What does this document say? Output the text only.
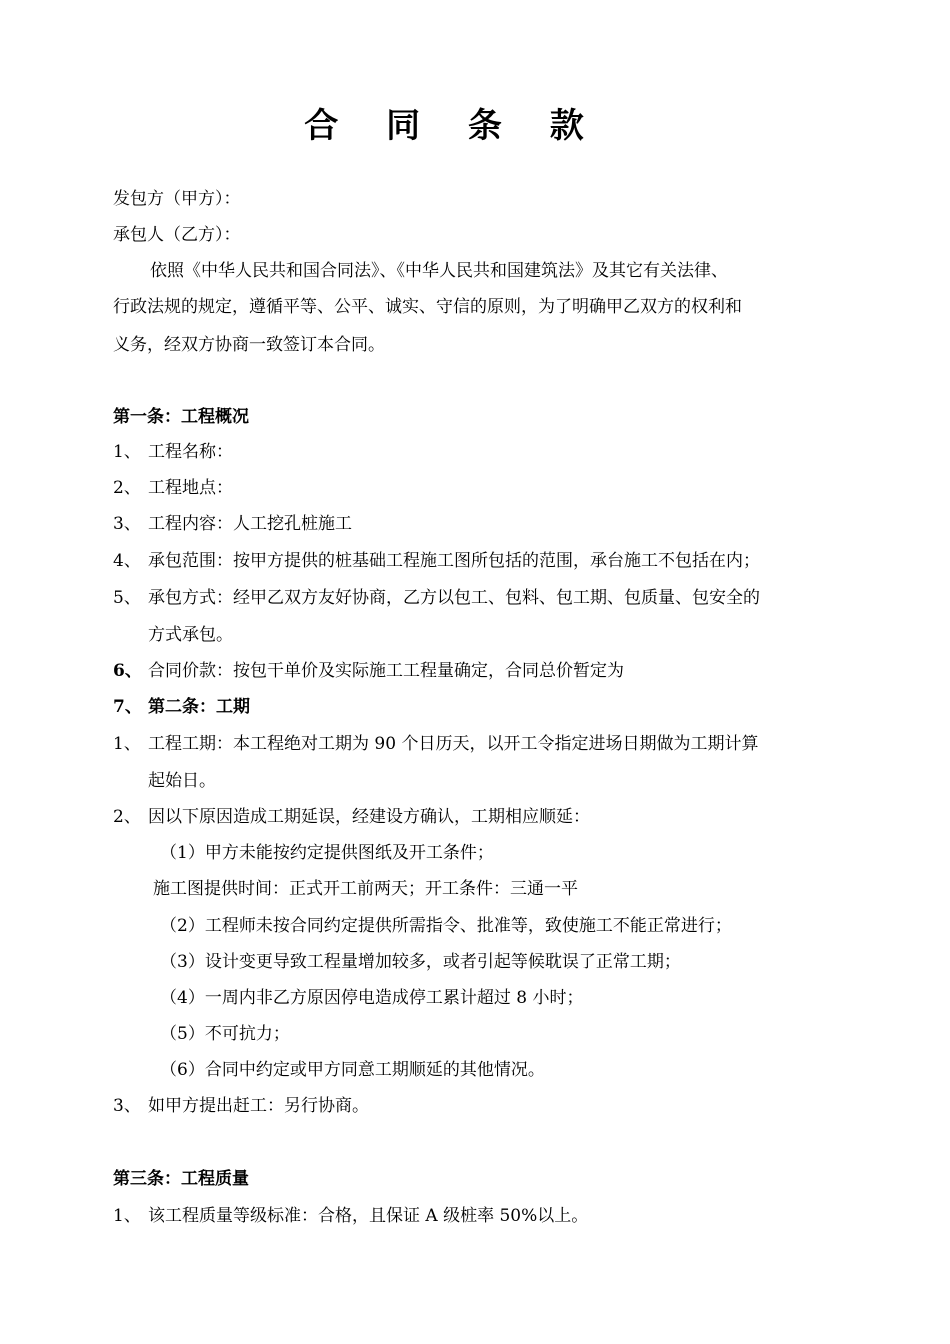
合 同 条 款
发包方（甲方）：
承包人（乙方）：
依照《中华人民共和国合同法》、《中华人民共和国建筑法》及其它有关法律、
行政法规的规定，遵循平等、公平、诚实、守信的原则，为了明确甲乙双方的权利和
义务，经双方协商一致签订本合同。
第一条：工程概况
1、 工程名称：
2、 工程地点：
3、 工程内容：人工挖孔桩施工
4、 承包范围：按甲方提供的桩基础工程施工图所包括的范围，承台施工不包括在内；
5、 承包方式：经甲乙双方友好协商，乙方以包工、包料、包工期、包质量、包安全的
方式承包。
6、 合同价款：按包干单价及实际施工工程量确定，合同总价暂定为
7、 第二条：工期
1、 工程工期：本工程绝对工期为 90 个日历天，以开工令指定进场日期做为工期计算
起始日。
2、 因以下原因造成工期延误，经建设方确认，工期相应顺延：
（1）甲方未能按约定提供图纸及开工条件；
施工图提供时间：正式开工前两天；开工条件：三通一平
（2）工程师未按合同约定提供所需指令、批准等，致使施工不能正常进行；
（3）设计变更导致工程量增加较多，或者引起等候耽误了正常工期；
（4）一周内非乙方原因停电造成停工累计超过 8 小时；
（5）不可抗力；
（6）合同中约定或甲方同意工期顺延的其他情况。
3、 如甲方提出赶工：另行协商。
第三条：工程质量
1、 该工程质量等级标准：合格，且保证 A 级桩率 50%以上。
